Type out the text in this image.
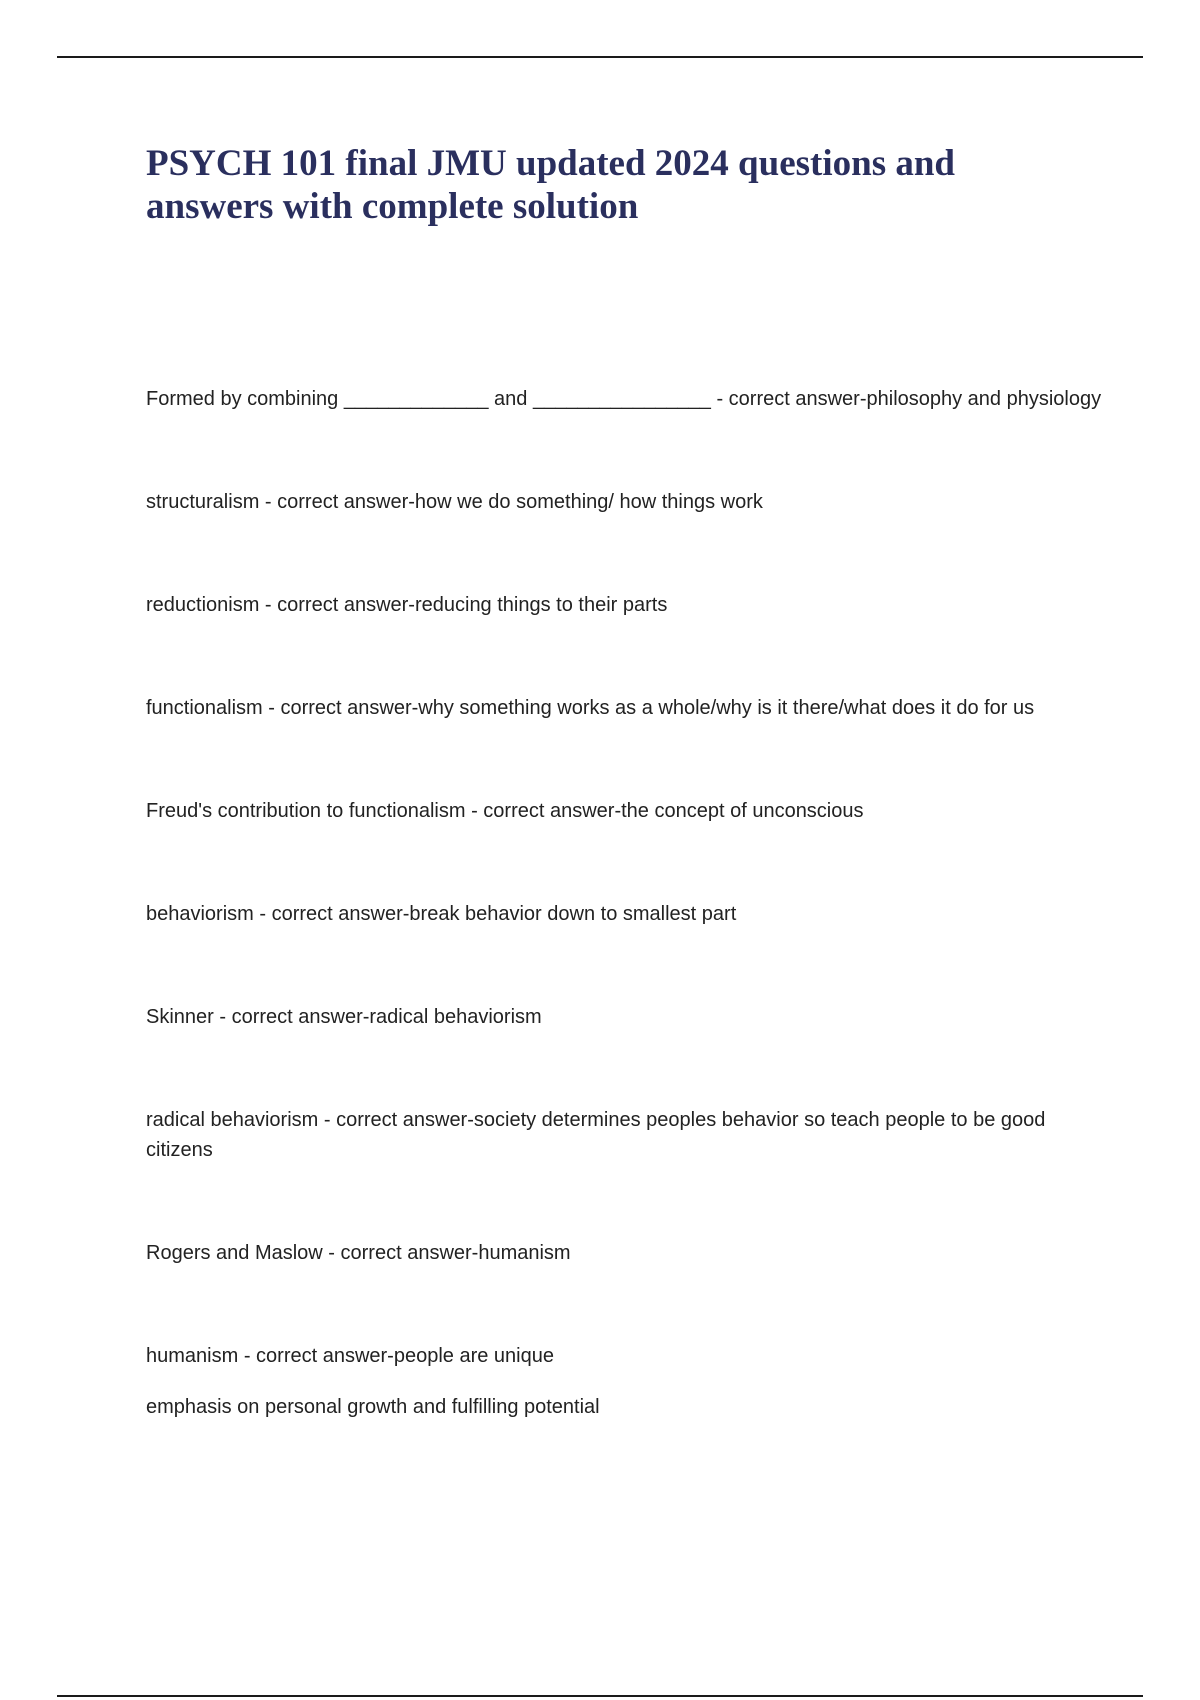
PSYCH 101 final JMU updated 2024 questions and answers with complete solution

Formed by combining _____________ and ________________ - correct answer-philosophy and physiology

structuralism - correct answer-how we do something/ how things work

reductionism - correct answer-reducing things to their parts

functionalism - correct answer-why something works as a whole/why is it there/what does it do for us

Freud's contribution to functionalism - correct answer-the concept of unconscious

behaviorism - correct answer-break behavior down to smallest part

Skinner - correct answer-radical behaviorism

radical behaviorism - correct answer-society determines peoples behavior so teach people to be good citizens

Rogers and Maslow - correct answer-humanism

humanism - correct answer-people are unique

emphasis on personal growth and fulfilling potential
